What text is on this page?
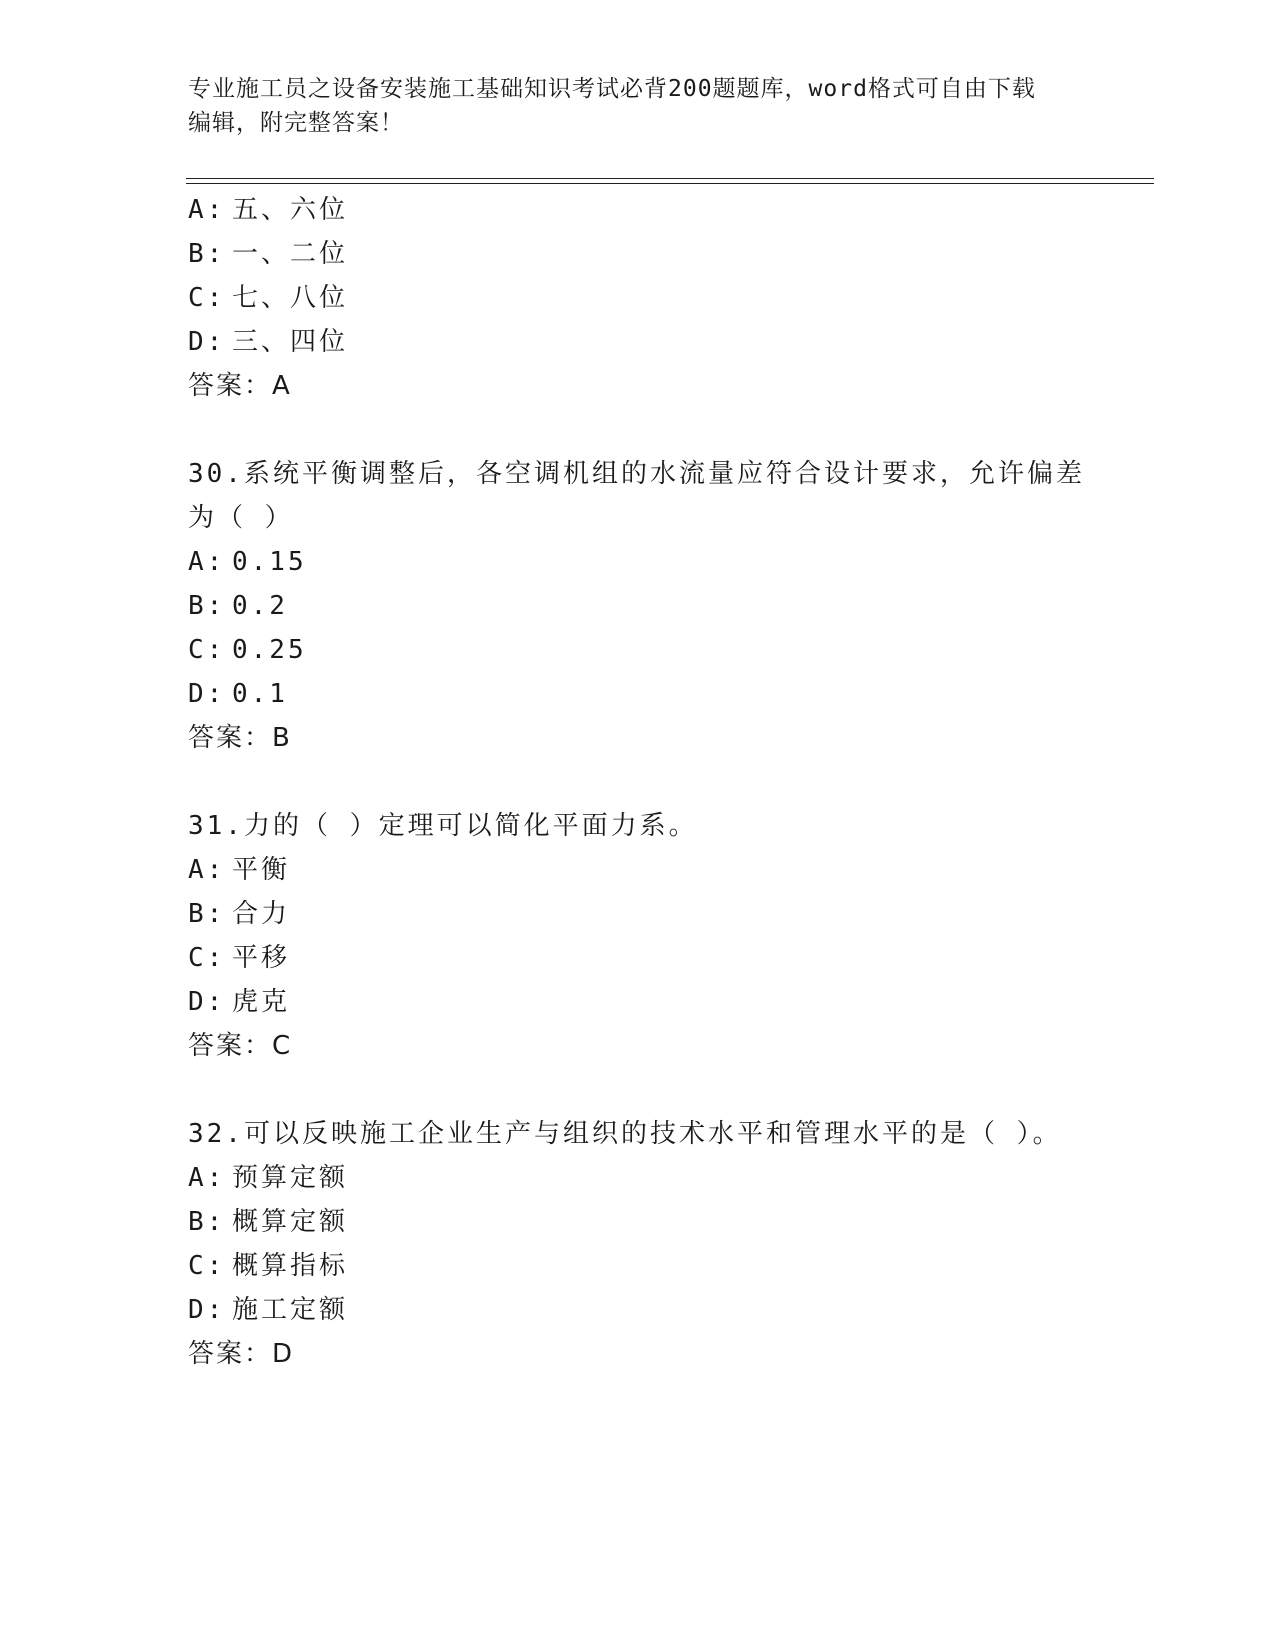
专业施工员之设备安装施工基础知识考试必背200题题库，word格式可自由下载
编辑，附完整答案！
A: 五、六位
B: 一、二位
C: 七、八位
D: 三、四位
答案：A
30.系统平衡调整后，各空调机组的水流量应符合设计要求，允许偏差
为（ ）
A: 0.15
B: 0.2
C: 0.25
D: 0.1
答案：B
31.力的（ ）定理可以简化平面力系。
A: 平衡
B: 合力
C: 平移
D: 虎克
答案：C
32.可以反映施工企业生产与组织的技术水平和管理水平的是（ ）。
A: 预算定额
B: 概算定额
C: 概算指标
D: 施工定额
答案：D
